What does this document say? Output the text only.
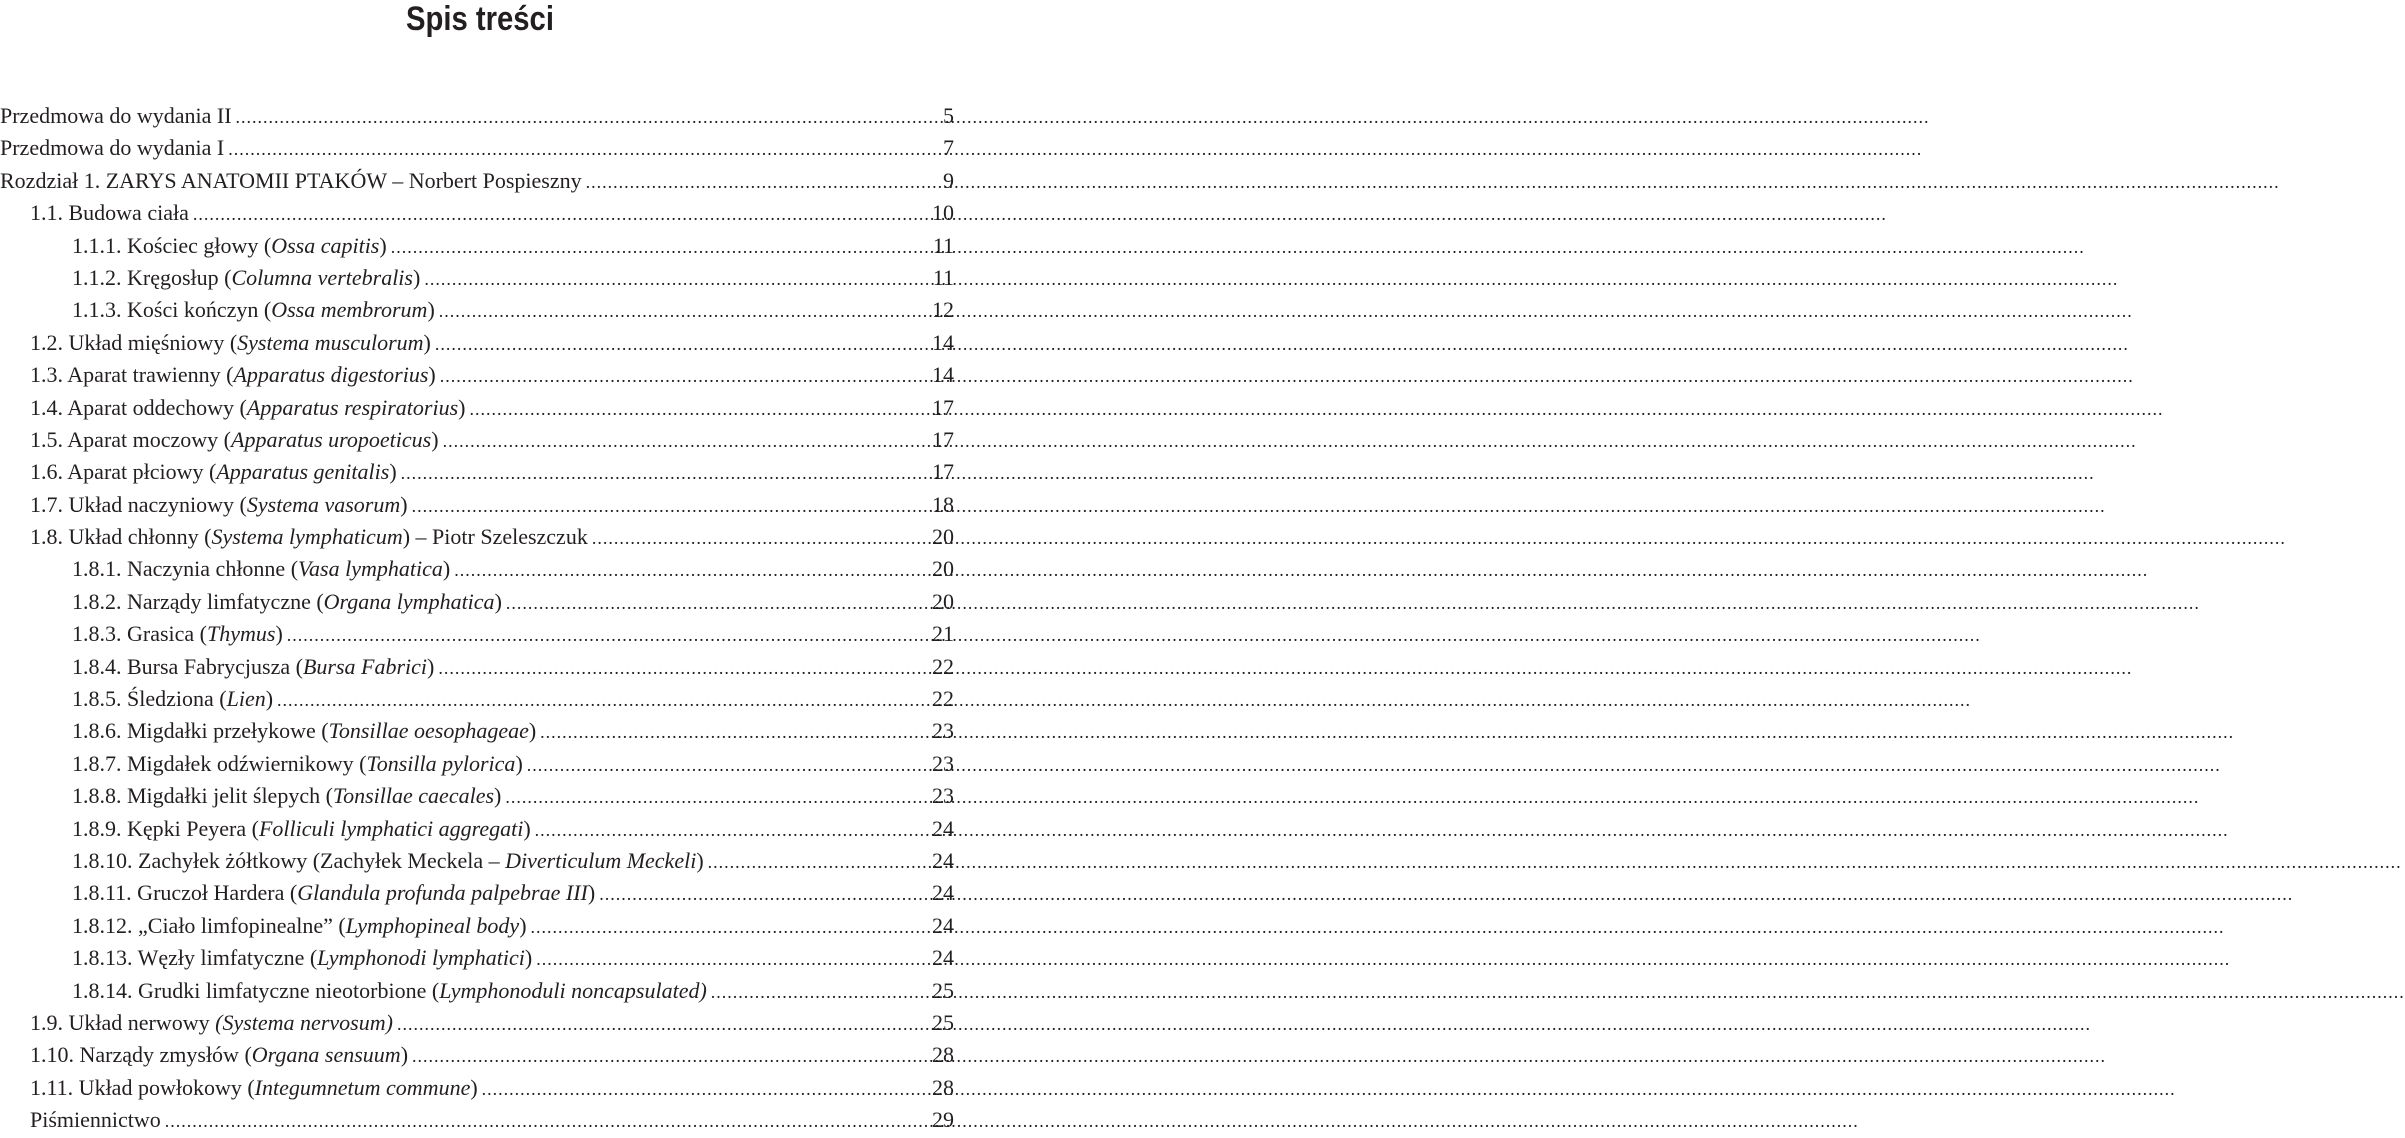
Spis treści
Przedmowa do wydania II .....	5
Przedmowa do wydania I .....	7
Rozdział 1. ZARYS ANATOMII PTAKÓW – Norbert Pospieszny .....	9
1.1. Budowa ciała .....	10
1.1.1. Kościec głowy (Ossa capitis) .....	11
1.1.2. Kręgosłup (Columna vertebralis) .....	11
1.1.3. Kości kończyn (Ossa membrorum) .....	12
1.2. Układ mięśniowy (Systema musculorum) .....	14
1.3. Aparat trawienny (Apparatus digestorius) .....	14
1.4. Aparat oddechowy (Apparatus respiratorius) .....	17
1.5. Aparat moczowy (Apparatus uropoeticus) .....	17
1.6. Aparat płciowy (Apparatus genitalis) .....	17
1.7. Układ naczyniowy (Systema vasorum) .....	18
1.8. Układ chłonny (Systema lymphaticum) – Piotr Szeleszczuk .....	20
1.8.1. Naczynia chłonne (Vasa lymphatica) .....	20
1.8.2. Narządy limfatyczne (Organa lymphatica) .....	20
1.8.3. Grasica (Thymus) .....	21
1.8.4. Bursa Fabrycjusza (Bursa Fabrici) .....	22
1.8.5. Śledziona (Lien) .....	22
1.8.6. Migdałki przełykowe (Tonsillae oesophageae) .....	23
1.8.7. Migdałek odźwiernikowy (Tonsilla pylorica) .....	23
1.8.8. Migdałki jelit ślepych (Tonsillae caecales) .....	23
1.8.9. Kępki Peyera (Folliculi lymphatici aggregati) .....	24
1.8.10. Zachyłek żółtkowy (Zachyłek Meckela – Diverticulum Meckeli) .....	24
1.8.11. Gruczoł Hardera (Glandula profunda palpebrae III) .....	24
1.8.12. „Ciało limfopinealne” (Lymphopineal body) .....	24
1.8.13. Węzły limfatyczne (Lymphonodi lymphatici) .....	24
1.8.14. Grudki limfatyczne nieotorbione (Lymphonoduli noncapsulated) .....	25
1.9. Układ nerwowy (Systema nervosum) .....	25
1.10. Narządy zmysłów (Organa sensuum) .....	28
1.11. Układ powłokowy (Integumnetum commune) .....	28
Piśmiennictwo .....	29
